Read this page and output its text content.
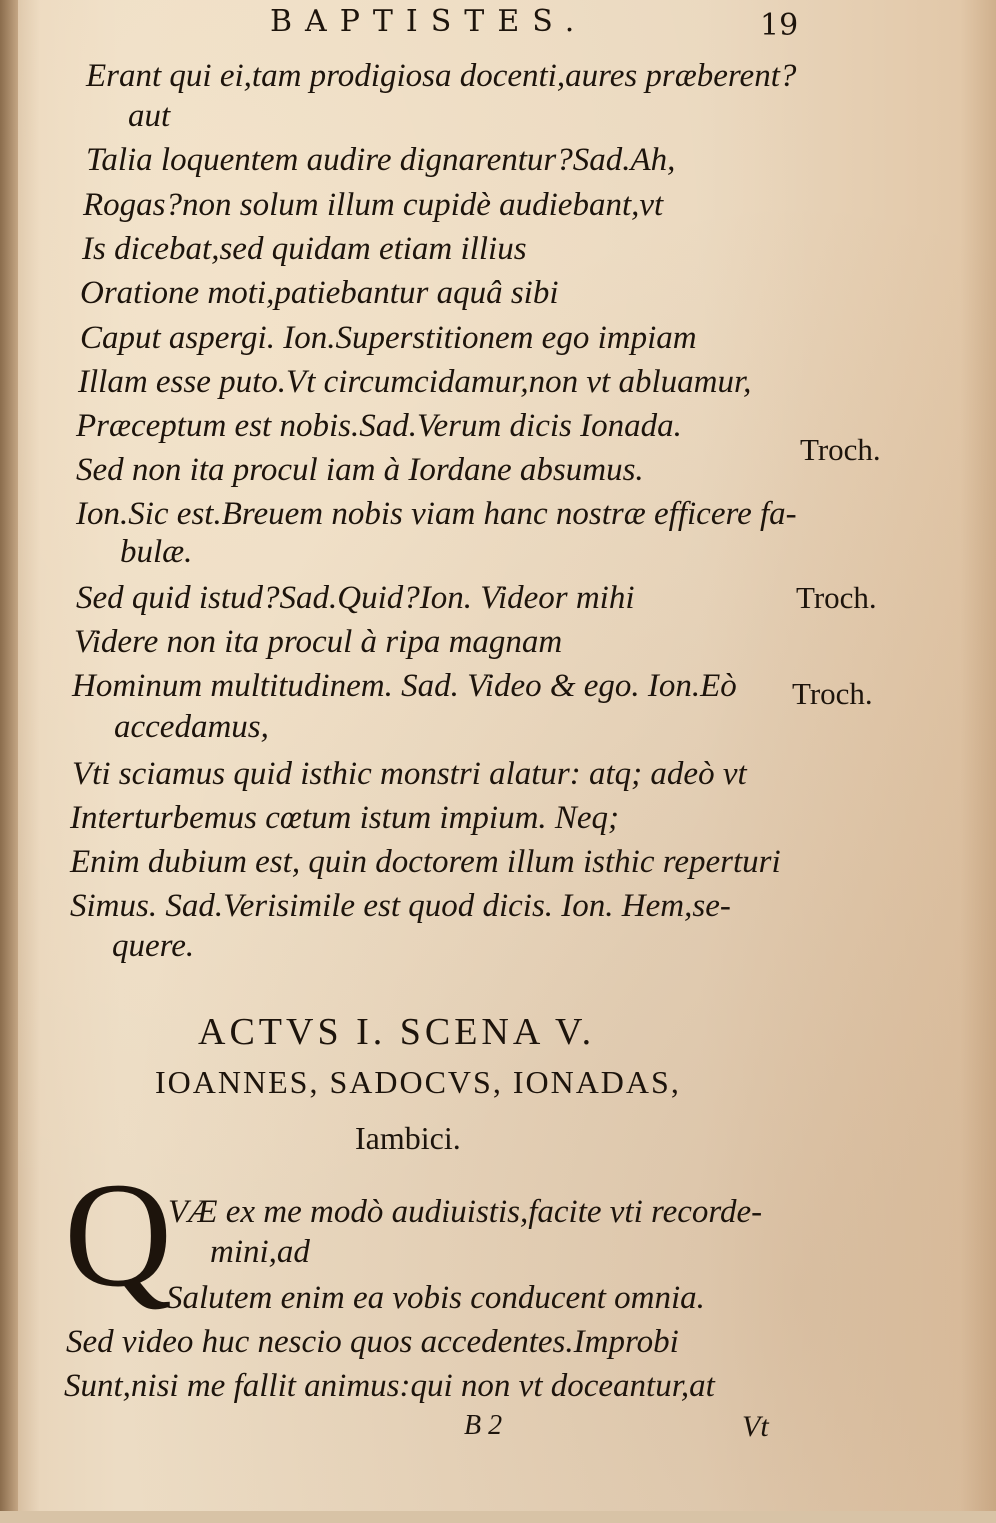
BAPTISTES.	19
Erant qui ei,tam prodigiosa docenti,aures præberent?
aut
Talia loquentem audire dignarentur?Sad.Ah,
Rogas?non solum illum cupidè audiebant,vt
Is dicebat,sed quidam etiam illius
Oratione moti,patiebantur aquâ sibi
Caput aspergi. Ion.Superstitionem ego impiam
Illam esse puto.Vt circumcidamur,non vt abluamur,
Præceptum est nobis.Sad.Verum dicis Ionada.
Sed non ita procul iam à Iordane absumus.
Ion.Sic est.Breuem nobis viam hanc nostræ efficere fa-
bulæ.
Sed quid istud?Sad.Quid?Ion. Videor mihi
Videre non ita procul à ripa magnam
Hominum multitudinem. Sad. Video & ego. Ion.Eò
accedamus,
Vti sciamus quid isthic monstri alatur: atq; adeò vt
Interturbemus cœtum istum impium. Neq;
Enim dubium est, quin doctorem illum isthic reperturi
Simus. Sad.Verisimile est quod dicis. Ion. Hem,se-
quere.
Troch.
Troch.
Troch.
ACTVS I. SCENA V.
IOANNES, SADOCVS, IONADAS,
Iambici.
Q
VÆ ex me modò audiuistis,facite vti recorde-
mini,ad
Salutem enim ea vobis conducent omnia.
Sed video huc nescio quos accedentes.Improbi
Sunt,nisi me fallit animus:qui non vt doceantur,at
B 2	Vt
